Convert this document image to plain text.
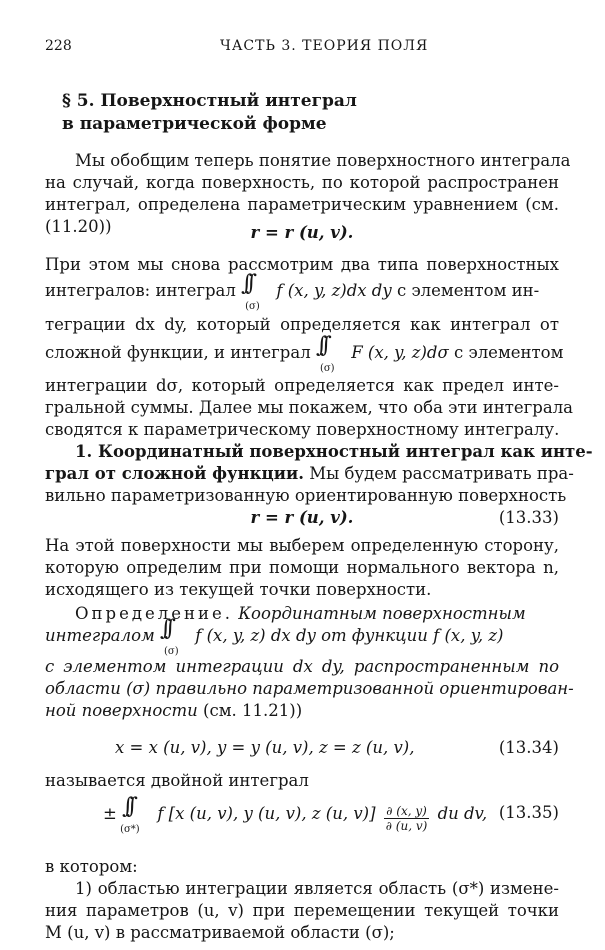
228	ЧАСТЬ 3. ТЕОРИЯ ПОЛЯ
§ 5. Поверхностный интеграл
в параметрической форме
Мы обобщим теперь понятие поверхностного интеграла
на случай, когда поверхность, по которой распространен
интеграл, определена параметрическим уравнением (см.
(11.20))	r = r (u, v).
При этом мы снова рассмотрим два типа поверхностных
интегралов: интеграл ∫∫
(σ)
f (x, y, z)dx dy с элементом ин-
теграции dx dy, который определяется как интеграл от
сложной функции, и интеграл ∫∫
(σ)
F (x, y, z)dσ с элементом
интеграции dσ, который определяется как предел инте-
гральной суммы. Далее мы покажем, что оба эти интеграла
сводятся к параметрическому поверхностному интегралу.
1. Координатный поверхностный интеграл как инте-
грал от сложной функции. Мы будем рассматривать пра-
вильно параметризованную ориентированную поверхность
r = r (u, v).	(13.33)
На этой поверхности мы выберем определенную сторону,
которую определим при помощи нормального вектора n,
исходящего из текущей точки поверхности.
Определение. Координатным поверхностным
интегралом ∫∫
(σ)
f (x, y, z) dx dy от функции f (x, y, z)
с элементом интеграции dx dy, распространенным по
области (σ) правильно параметризованной ориентирован-
ной поверхности (см. 11.21))
x = x (u, v), y = y (u, v), z = z (u, v),	(13.34)
называется двойной интеграл
± ∫∫
(σ*)
f [x (u, v), y (u, v), z (u, $v)] \frac{\partial (x, y)}{\partial (u, v)}$ du dv, (13.35)
в котором:
1) областью интеграции является область (σ*) измене-
ния параметров (u, v) при перемещении текущей точки
M (u, v) в рассматриваемой области (σ);
